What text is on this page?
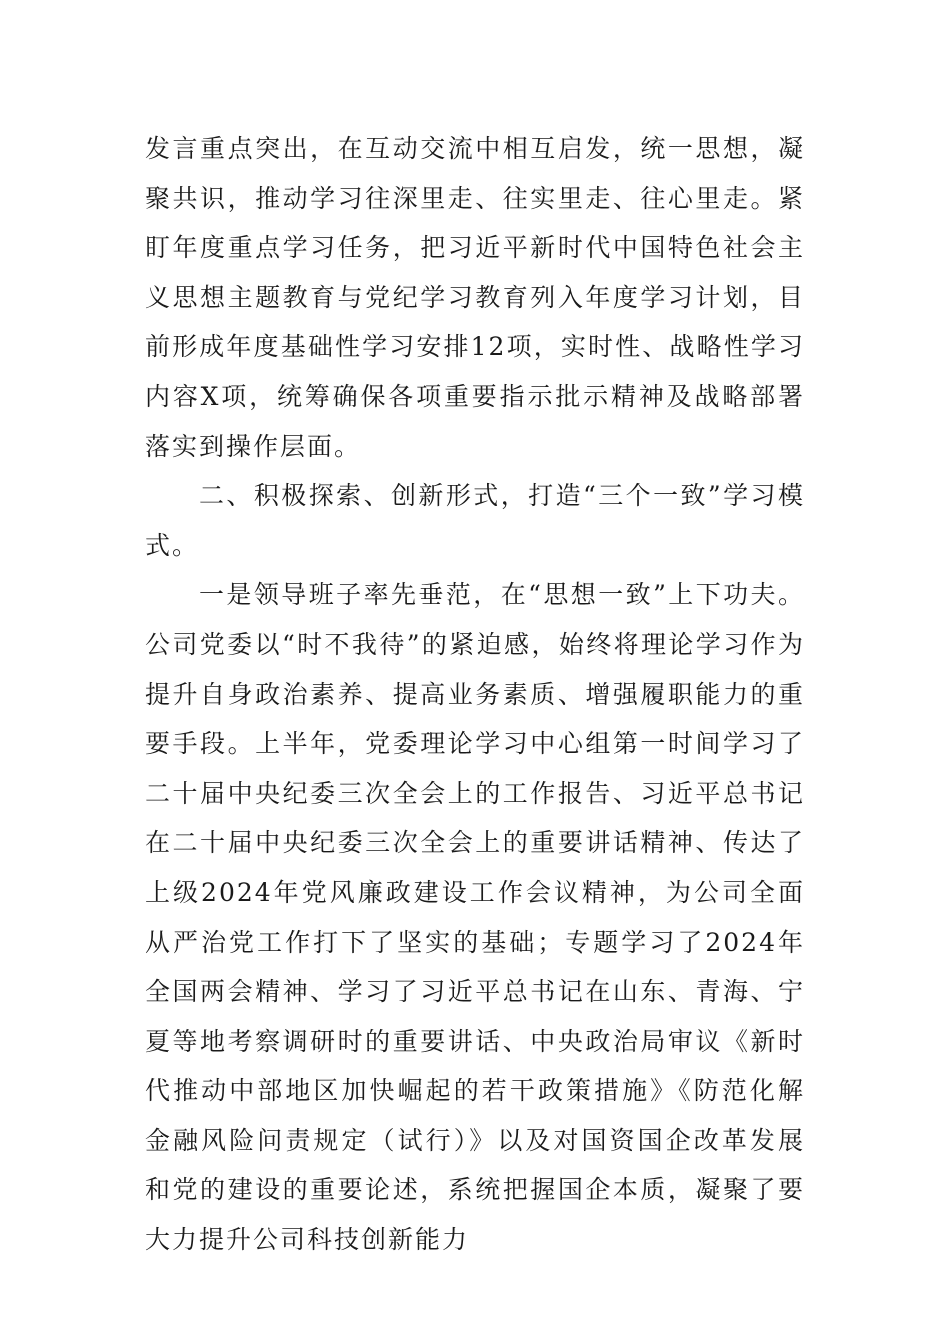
发言重点突出，在互动交流中相互启发，统一思想，凝聚共识，推动学习往深里走、往实里走、往心里走。紧盯年度重点学习任务，把习近平新时代中国特色社会主义思想主题教育与党纪学习教育列入年度学习计划，目前形成年度基础性学习安排12项，实时性、战略性学习内容X项，统筹确保各项重要指示批示精神及战略部署落实到操作层面。

二、积极探索、创新形式，打造“三个一致”学习模式。

一是领导班子率先垂范，在“思想一致”上下功夫。公司党委以“时不我待”的紧迫感，始终将理论学习作为提升自身政治素养、提高业务素质、增强履职能力的重要手段。上半年，党委理论学习中心组第一时间学习了二十届中央纪委三次全会上的工作报告、习近平总书记在二十届中央纪委三次全会上的重要讲话精神、传达了上级2024年党风廉政建设工作会议精神，为公司全面从严治党工作打下了坚实的基础；专题学习了2024年全国两会精神、学习了习近平总书记在山东、青海、宁夏等地考察调研时的重要讲话、中央政治局审议《新时代推动中部地区加快崛起的若干政策措施》《防范化解金融风险问责规定（试行）》以及对国资国企改革发展和党的建设的重要论述，系统把握国企本质，凝聚了要大力提升公司科技创新能力
